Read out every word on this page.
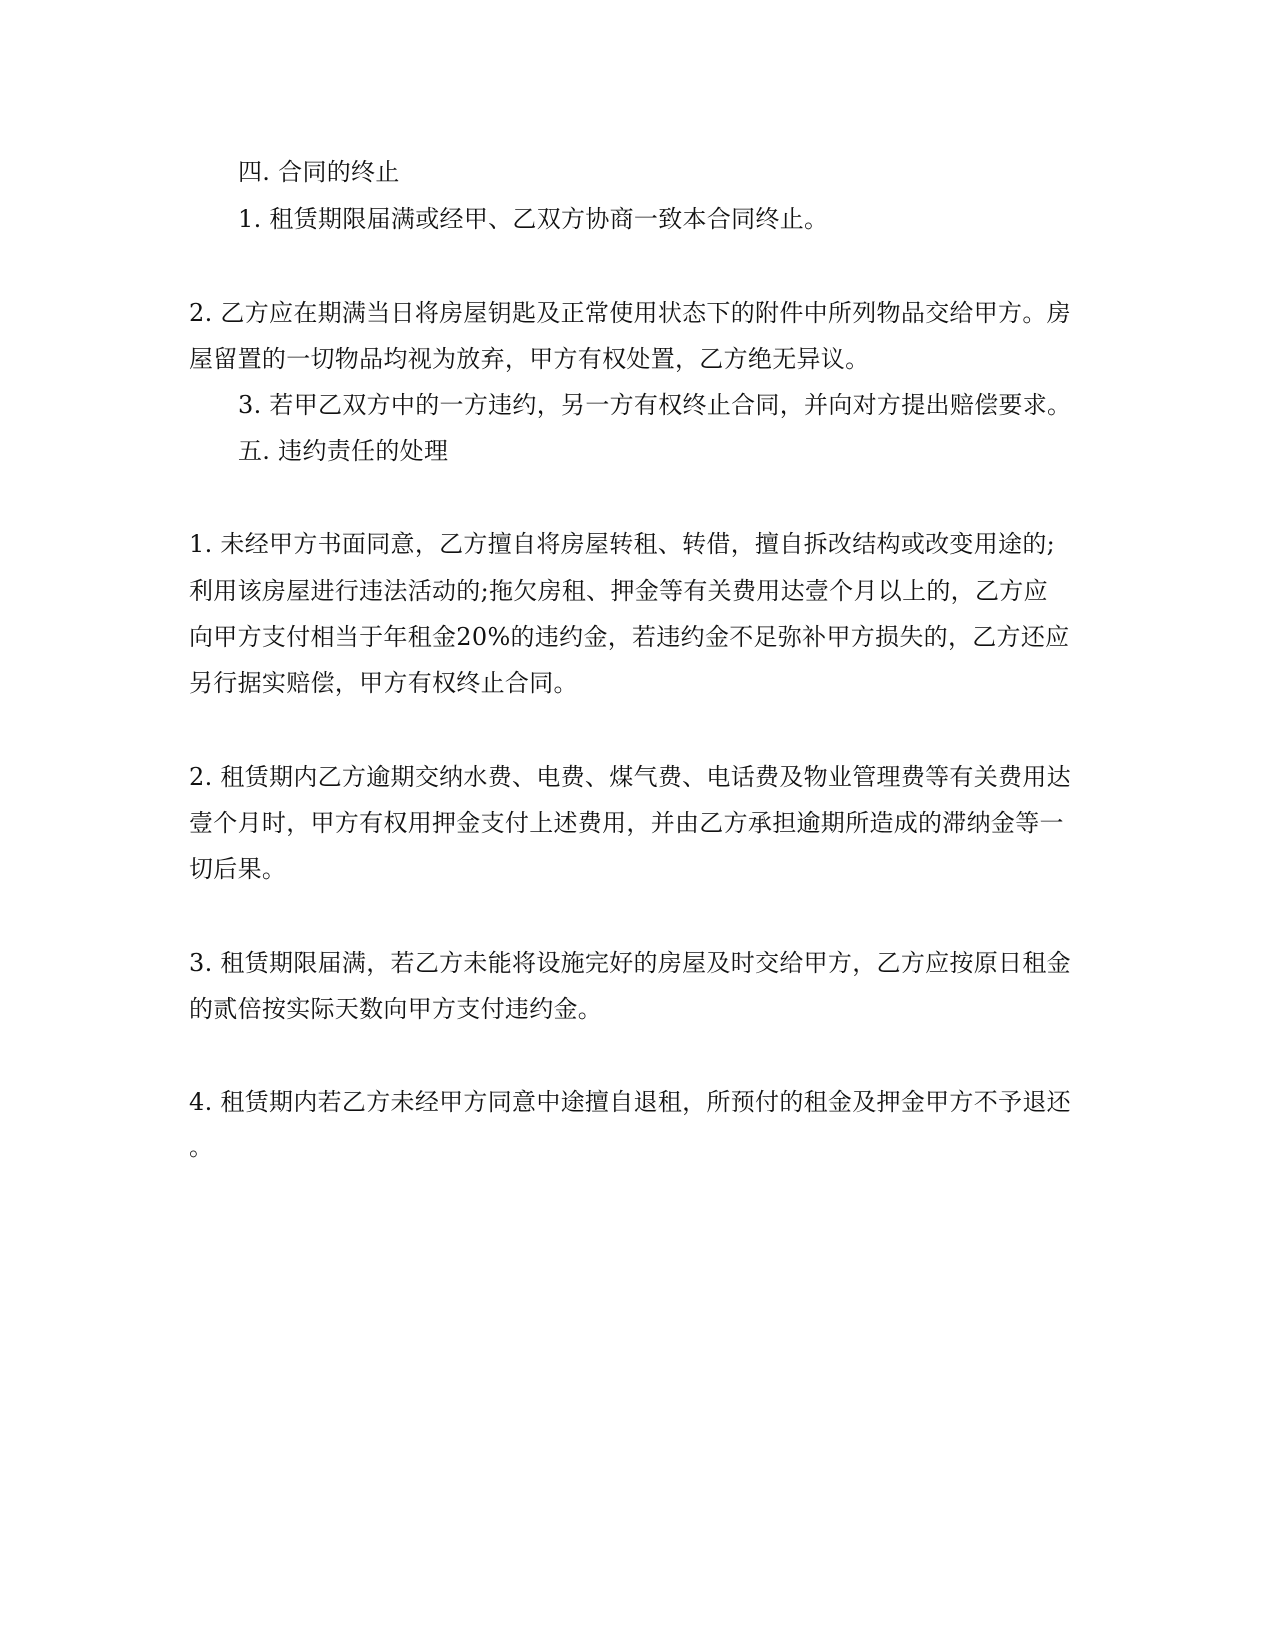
四. 合同的终止

1. 租赁期限届满或经甲、乙双方协商一致本合同终止。

2. 乙方应在期满当日将房屋钥匙及正常使用状态下的附件中所列物品交给甲方。房

屋留置的一切物品均视为放弃，甲方有权处置，乙方绝无异议。

3. 若甲乙双方中的一方违约，另一方有权终止合同，并向对方提出赔偿要求。

五. 违约责任的处理

1. 未经甲方书面同意，乙方擅自将房屋转租、转借，擅自拆改结构或改变用途的;

利用该房屋进行违法活动的;拖欠房租、押金等有关费用达壹个月以上的，乙方应

向甲方支付相当于年租金20%的违约金，若违约金不足弥补甲方损失的，乙方还应

另行据实赔偿，甲方有权终止合同。

2. 租赁期内乙方逾期交纳水费、电费、煤气费、电话费及物业管理费等有关费用达

壹个月时，甲方有权用押金支付上述费用，并由乙方承担逾期所造成的滞纳金等一

切后果。

3. 租赁期限届满，若乙方未能将设施完好的房屋及时交给甲方，乙方应按原日租金

的贰倍按实际天数向甲方支付违约金。

4. 租赁期内若乙方未经甲方同意中途擅自退租，所预付的租金及押金甲方不予退还

。
